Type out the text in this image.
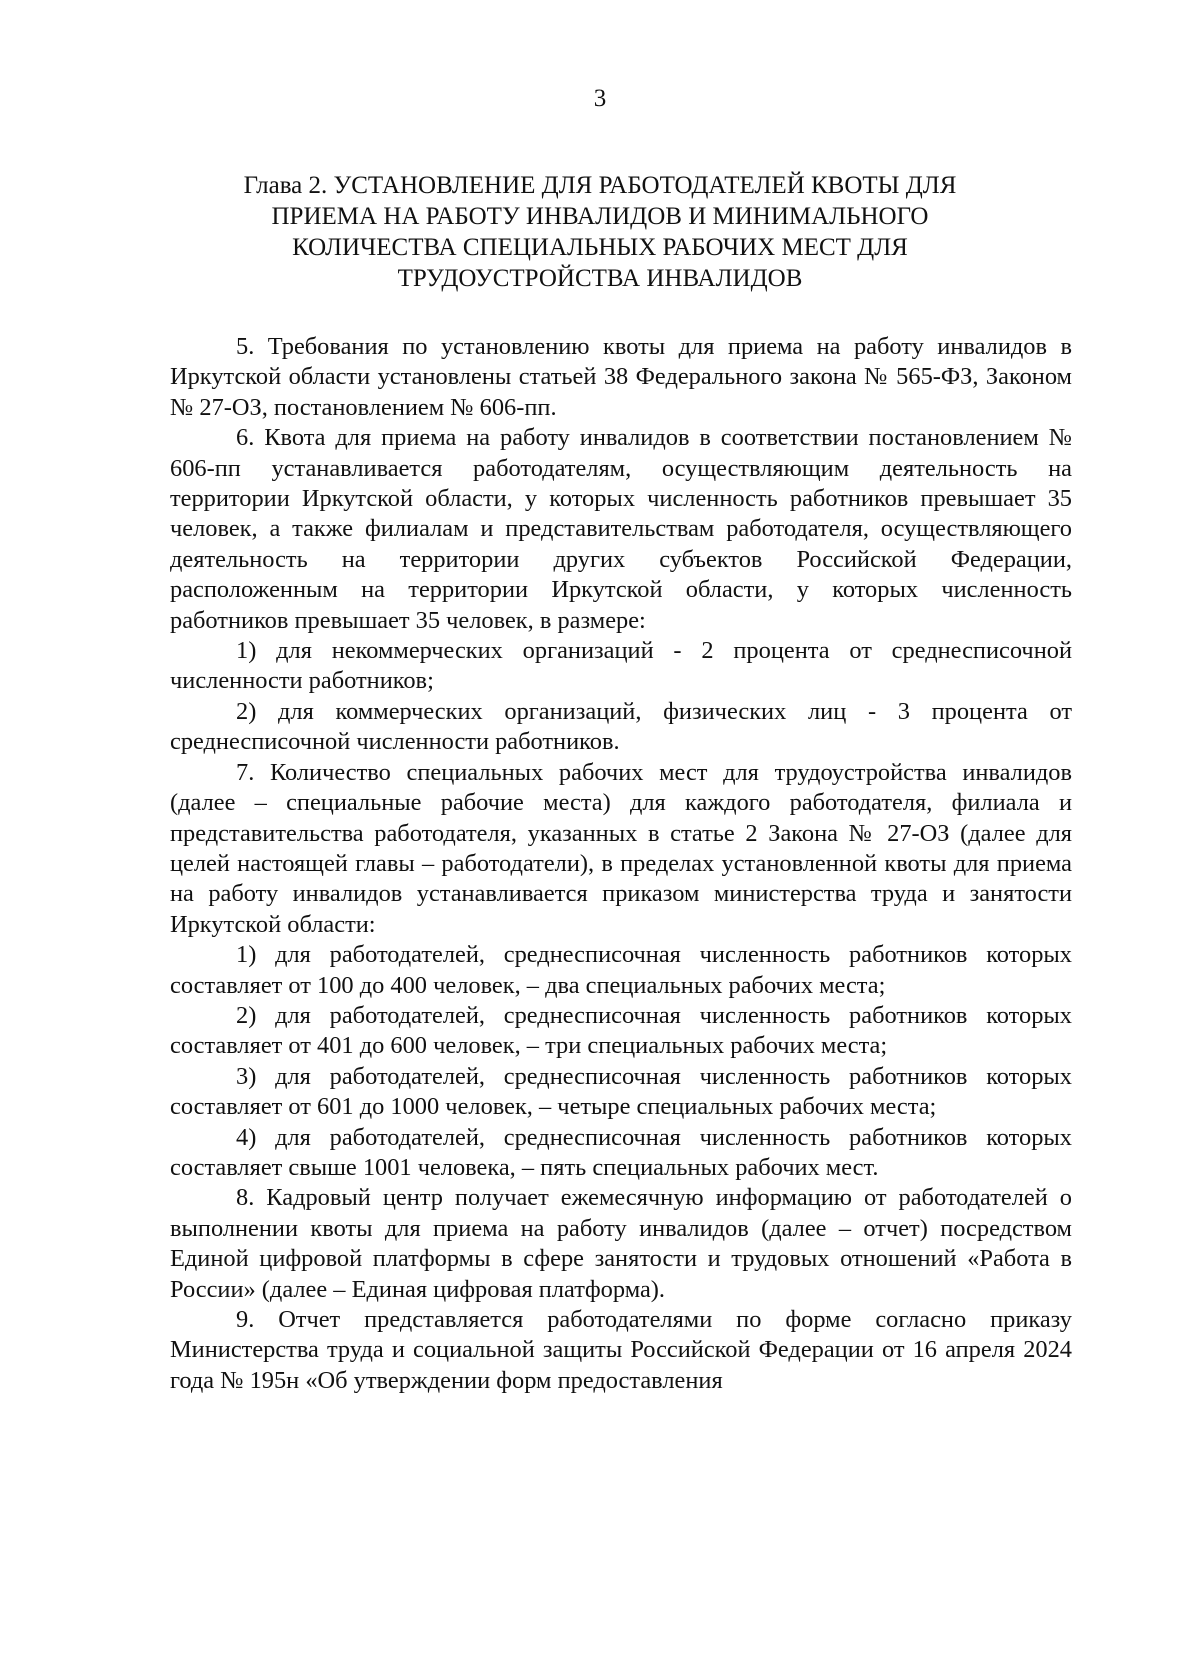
3
Глава 2. УСТАНОВЛЕНИЕ ДЛЯ РАБОТОДАТЕЛЕЙ КВОТЫ ДЛЯ
ПРИЕМА НА РАБОТУ ИНВАЛИДОВ И МИНИМАЛЬНОГО
КОЛИЧЕСТВА СПЕЦИАЛЬНЫХ РАБОЧИХ МЕСТ ДЛЯ
ТРУДОУСТРОЙСТВА ИНВАЛИДОВ

5. Требования по установлению квоты для приема на работу инвалидов в Иркутской области установлены статьей 38 Федерального закона № 565-ФЗ, Законом № 27-ОЗ, постановлением № 606-пп.

6. Квота для приема на работу инвалидов в соответствии постановлением № 606-пп устанавливается работодателям, осуществляющим деятельность на территории Иркутской области, у которых численность работников превышает 35 человек, а также филиалам и представительствам работодателя, осуществляющего деятельность на территории других субъектов Российской Федерации, расположенным на территории Иркутской области, у которых численность работников превышает 35 человек, в размере:

1) для некоммерческих организаций - 2 процента от среднесписочной численности работников;

2) для коммерческих организаций, физических лиц - 3 процента от среднесписочной численности работников.

7. Количество специальных рабочих мест для трудоустройства инвалидов (далее – специальные рабочие места) для каждого работодателя, филиала и представительства работодателя, указанных в статье 2 Закона № 27-ОЗ (далее для целей настоящей главы – работодатели), в пределах установленной квоты для приема на работу инвалидов устанавливается приказом министерства труда и занятости Иркутской области:

1) для работодателей, среднесписочная численность работников которых составляет от 100 до 400 человек, – два специальных рабочих места;

2) для работодателей, среднесписочная численность работников которых составляет от 401 до 600 человек, – три специальных рабочих места;

3) для работодателей, среднесписочная численность работников которых составляет от 601 до 1000 человек, – четыре специальных рабочих места;

4) для работодателей, среднесписочная численность работников которых составляет свыше 1001 человека, – пять специальных рабочих мест.

8. Кадровый центр получает ежемесячную информацию от работодателей о выполнении квоты для приема на работу инвалидов (далее – отчет) посредством Единой цифровой платформы в сфере занятости и трудовых отношений «Работа в России» (далее – Единая цифровая платформа).

9. Отчет представляется работодателями по форме согласно приказу Министерства труда и социальной защиты Российской Федерации от 16 апреля 2024 года № 195н «Об утверждении форм предоставления
